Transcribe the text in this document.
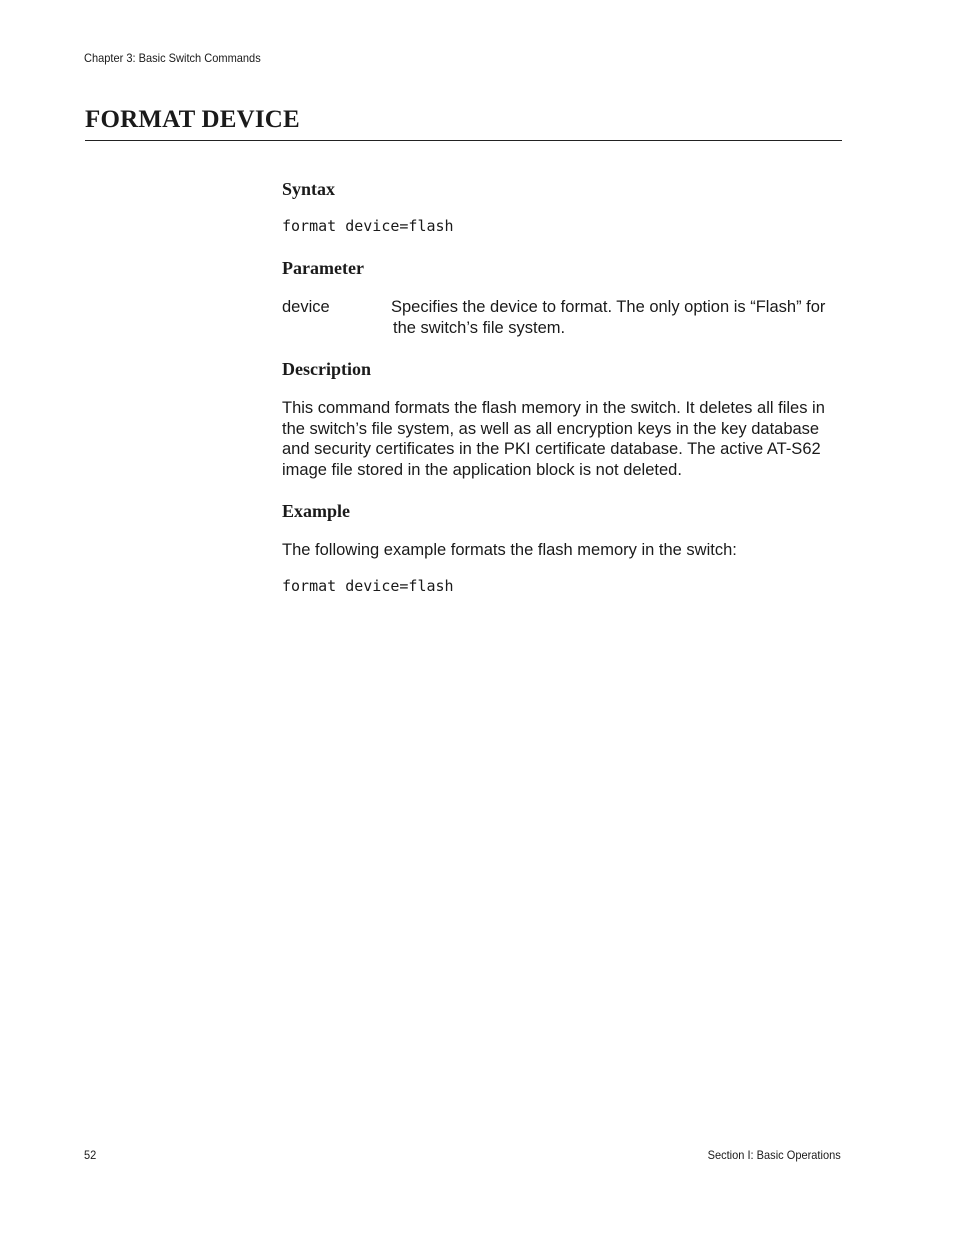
Chapter 3: Basic Switch Commands
FORMAT DEVICE
Syntax
format device=flash
Parameter
device	Specifies the device to format. The only option is “Flash” for
the switch’s file system.

Description

This command formats the flash memory in the switch. It deletes all files in the switch’s file system, as well as all encryption keys in the key database and security certificates in the PKI certificate database. The active AT-S62 image file stored in the application block is not deleted.

Example

The following example formats the flash memory in the switch:

format device=flash
52	Section I: Basic Operations
